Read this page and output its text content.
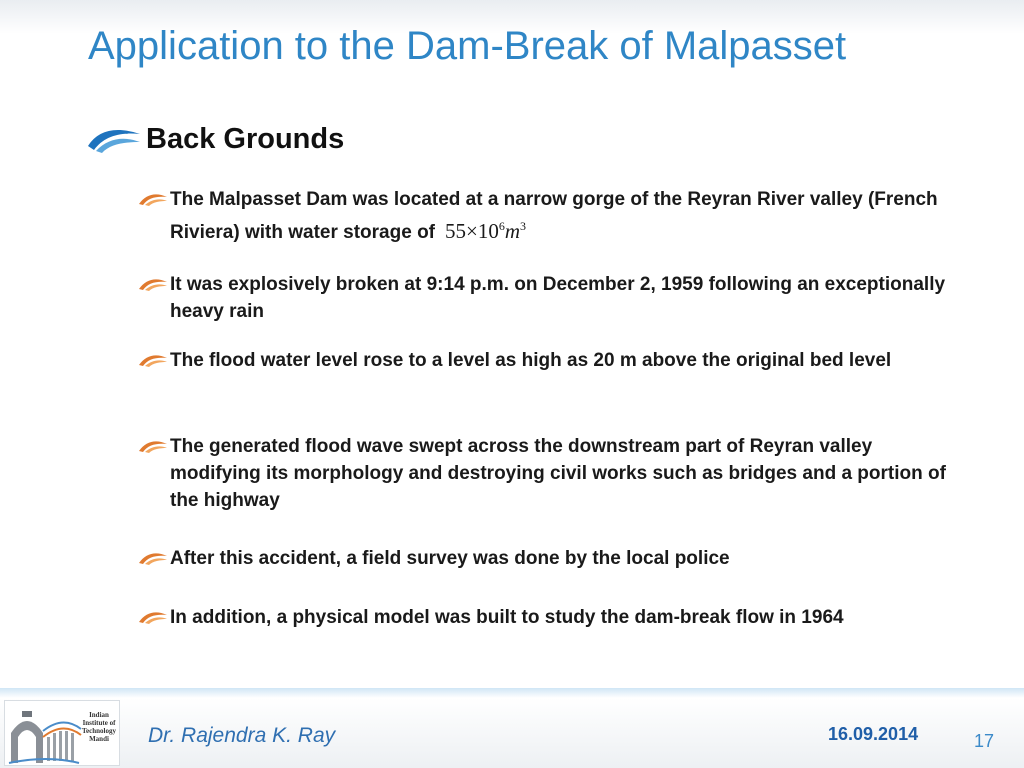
Application to the Dam-Break of Malpasset
Back Grounds
The Malpasset Dam was located at a narrow gorge of the Reyran River valley (French Riviera) with water storage of $55\times 10^6m^3$
It was explosively broken at 9:14 p.m. on December 2, 1959 following an exceptionally heavy rain
The flood water level rose to a level as high as 20 m above the original bed level
The generated flood wave swept across the downstream part of Reyran valley modifying its morphology and destroying civil works such as bridges and a portion of the highway
After this accident, a field survey was done by the local police
In addition, a physical model was built to study the dam-break flow in 1964
Indian
Institute of
Technology
Mandi	Dr. Rajendra K. Ray	16.09.2014	17
